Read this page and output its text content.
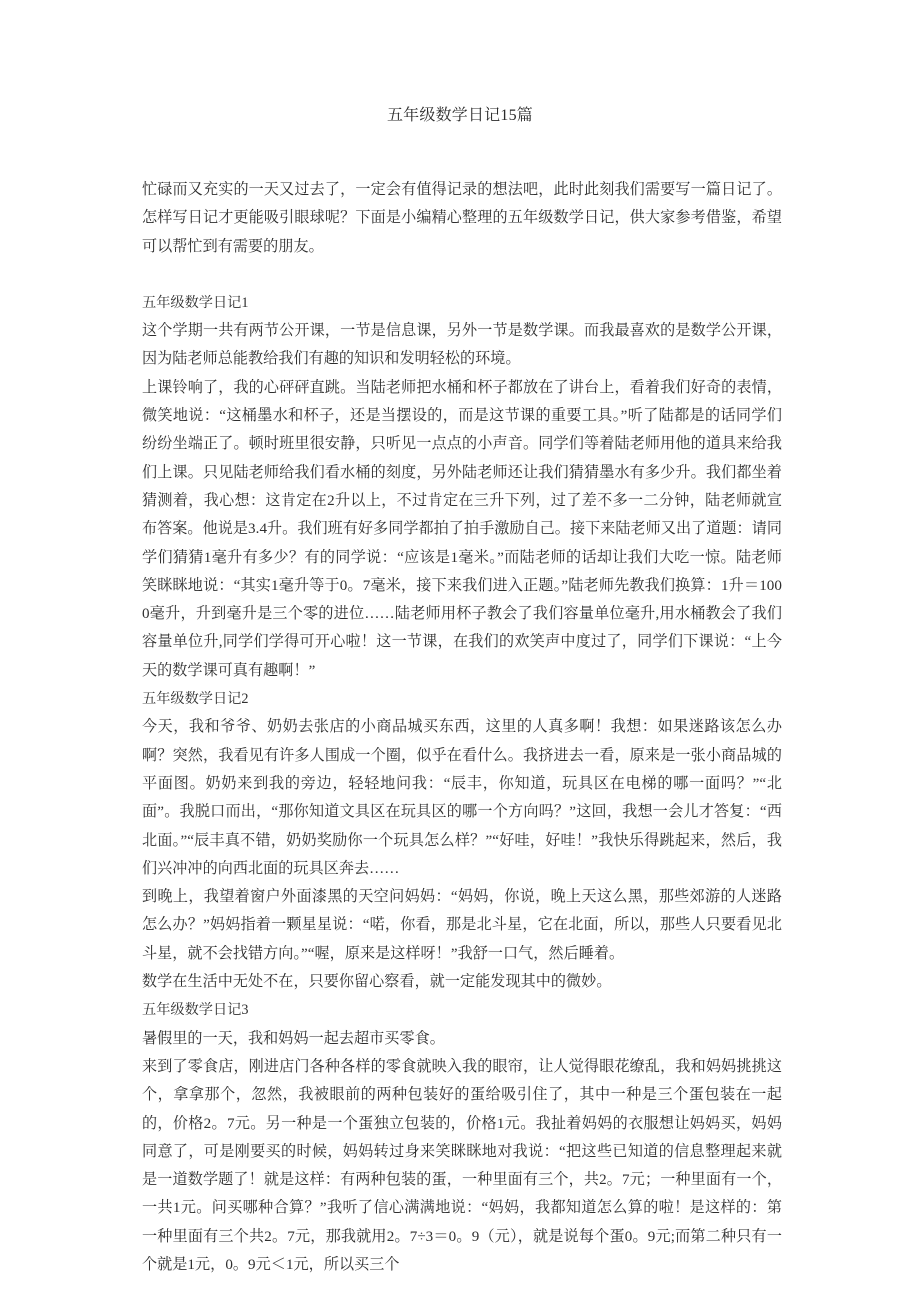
五年级数学日记15篇

忙碌而又充实的一天又过去了，一定会有值得记录的想法吧，此时此刻我们需要写一篇日记了。怎样写日记才更能吸引眼球呢？下面是小编精心整理的五年级数学日记，供大家参考借鉴，希望可以帮忙到有需要的朋友。

五年级数学日记1

这个学期一共有两节公开课，一节是信息课，另外一节是数学课。而我最喜欢的是数学公开课，因为陆老师总能教给我们有趣的知识和发明轻松的环境。

上课铃响了，我的心砰砰直跳。当陆老师把水桶和杯子都放在了讲台上，看着我们好奇的表情，微笑地说：“这桶墨水和杯子，还是当摆设的，而是这节课的重要工具。”听了陆都是的话同学们纷纷坐端正了。顿时班里很安静，只听见一点点的小声音。同学们等着陆老师用他的道具来给我们上课。只见陆老师给我们看水桶的刻度，另外陆老师还让我们猜猜墨水有多少升。我们都坐着猜测着，我心想：这肯定在2升以上，不过肯定在三升下列，过了差不多一二分钟，陆老师就宣布答案。他说是3.4升。我们班有好多同学都拍了拍手激励自己。接下来陆老师又出了道题：请同学们猜猜1毫升有多少？有的同学说：“应该是1毫米。”而陆老师的话却让我们大吃一惊。陆老师笑眯眯地说：“其实1毫升等于0。7毫米，接下来我们进入正题。”陆老师先教我们换算：1升＝1000毫升，升到毫升是三个零的进位……陆老师用杯子教会了我们容量单位毫升,用水桶教会了我们容量单位升,同学们学得可开心啦！这一节课，在我们的欢笑声中度过了，同学们下课说：“上今天的数学课可真有趣啊！”

五年级数学日记2

今天，我和爷爷、奶奶去张店的小商品城买东西，这里的人真多啊！我想：如果迷路该怎么办啊？突然，我看见有许多人围成一个圈，似乎在看什么。我挤进去一看，原来是一张小商品城的平面图。奶奶来到我的旁边，轻轻地问我：“辰丰，你知道，玩具区在电梯的哪一面吗？”“北面”。我脱口而出，“那你知道文具区在玩具区的哪一个方向吗？”这回，我想一会儿才答复：“西北面。”“辰丰真不错，奶奶奖励你一个玩具怎么样？”“好哇，好哇！”我快乐得跳起来，然后，我们兴冲冲的向西北面的玩具区奔去……

到晚上，我望着窗户外面漆黑的天空问妈妈：“妈妈，你说，晚上天这么黑，那些郊游的人迷路怎么办？”妈妈指着一颗星星说：“喏，你看，那是北斗星，它在北面，所以，那些人只要看见北斗星，就不会找错方向。”“喔，原来是这样呀！”我舒一口气，然后睡着。

数学在生活中无处不在，只要你留心察看，就一定能发现其中的微妙。

五年级数学日记3

暑假里的一天，我和妈妈一起去超市买零食。

来到了零食店，刚进店门各种各样的零食就映入我的眼帘，让人觉得眼花缭乱，我和妈妈挑挑这个，拿拿那个，忽然，我被眼前的两种包装好的蛋给吸引住了，其中一种是三个蛋包装在一起的，价格2。7元。另一种是一个蛋独立包装的，价格1元。我扯着妈妈的衣服想让妈妈买，妈妈同意了，可是刚要买的时候，妈妈转过身来笑眯眯地对我说：“把这些已知道的信息整理起来就是一道数学题了！就是这样：有两种包装的蛋，一种里面有三个，共2。7元；一种里面有一个，一共1元。问买哪种合算？”我听了信心满满地说：“妈妈，我都知道怎么算的啦！是这样的：第一种里面有三个共2。7元，那我就用2。7÷3＝0。9（元），就是说每个蛋0。9元;而第二种只有一个就是1元，0。9元＜1元，所以买三个
